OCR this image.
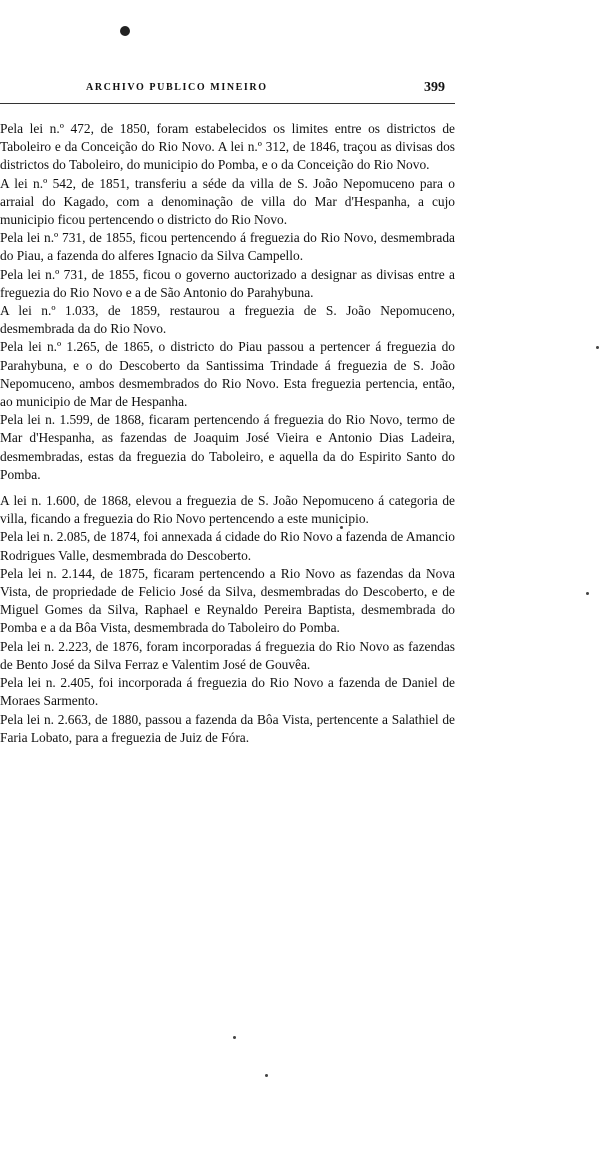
ARCHIVO PUBLICO MINEIRO	399

Pela lei n.º 472, de 1850, foram estabelecidos os limites entre os districtos de Taboleiro e da Conceição do Rio Novo. A lei n.º 312, de 1846, traçou as divisas dos districtos do Taboleiro, do municipio do Pomba, e o da Conceição do Rio Novo.

A lei n.º 542, de 1851, transferiu a séde da villa de S. João Nepomuceno para o arraial do Kagado, com a denominação de villa do Mar d'Hespanha, a cujo municipio ficou pertencendo o districto do Rio Novo.

Pela lei n.º 731, de 1855, ficou pertencendo á freguezia do Rio Novo, desmembrada do Piau, a fazenda do alferes Ignacio da Silva Campello.

Pela lei n.º 731, de 1855, ficou o governo auctorizado a designar as divisas entre a freguezia do Rio Novo e a de São Antonio do Parahybuna.

A lei n.º 1.033, de 1859, restaurou a freguezia de S. João Nepomuceno, desmembrada da do Rio Novo.

Pela lei n.º 1.265, de 1865, o districto do Piau passou a pertencer á freguezia do Parahybuna, e o do Descoberto da Santissima Trindade á freguezia de S. João Nepomuceno, ambos desmembrados do Rio Novo. Esta freguezia pertencia, então, ao municipio de Mar de Hespanha.

Pela lei n. 1.599, de 1868, ficaram pertencendo á freguezia do Rio Novo, termo de Mar d'Hespanha, as fazendas de Joaquim José Vieira e Antonio Dias Ladeira, desmembradas, estas da freguezia do Taboleiro, e aquella da do Espirito Santo do Pomba.

A lei n. 1.600, de 1868, elevou a freguezia de S. João Nepomuceno á categoria de villa, ficando a freguezia do Rio Novo pertencendo a este municipio.

Pela lei n. 2.085, de 1874, foi annexada á cidade do Rio Novo a fazenda de Amancio Rodrigues Valle, desmembrada do Descoberto.

Pela lei n. 2.144, de 1875, ficaram pertencendo a Rio Novo as fazendas da Nova Vista, de propriedade de Felicio José da Silva, desmembradas do Descoberto, e de Miguel Gomes da Silva, Raphael e Reynaldo Pereira Baptista, desmembrada do Pomba e a da Bôa Vista, desmembrada do Taboleiro do Pomba.

Pela lei n. 2.223, de 1876, foram incorporadas á freguezia do Rio Novo as fazendas de Bento José da Silva Ferraz e Valentim José de Gouvêa.

Pela lei n. 2.405, foi incorporada á freguezia do Rio Novo a fazenda de Daniel de Moraes Sarmento.

Pela lei n. 2.663, de 1880, passou a fazenda da Bôa Vista, pertencente a Salathiel de Faria Lobato, para a freguezia de Juiz de Fóra.
